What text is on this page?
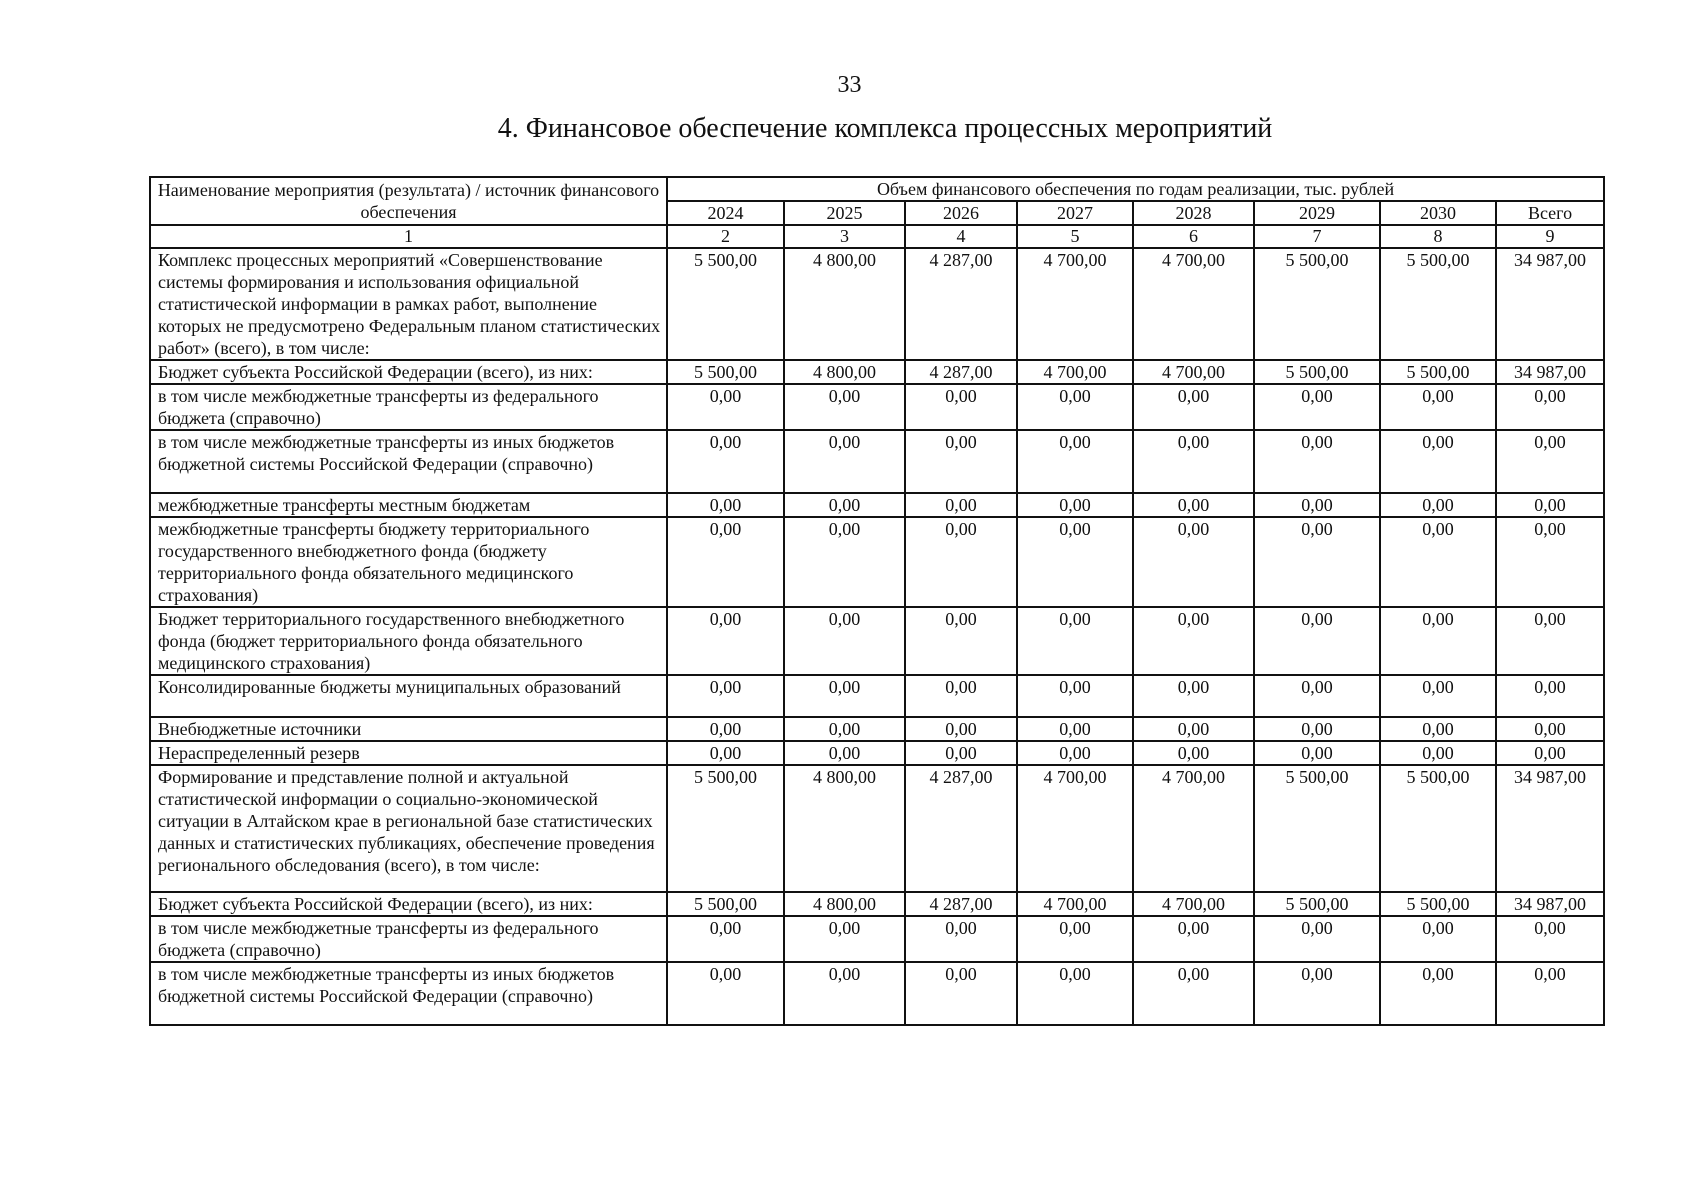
33
4. Финансовое обеспечение комплекса процессных мероприятий
Наименование мероприятия (результата) / источник финансового обеспечения	Объем финансового обеспечения по годам реализации, тыс. рублей							
	2024	2025	2026	2027	2028	2029	2030	Всего
1	2	3	4	5	6	7	8	9
Комплекс процессных мероприятий «Совершенствование системы формирования и использования официальной статистической информации в рамках работ, выполнение которых не предусмотрено Федеральным планом статистических работ» (всего), в том числе:	5 500,00	4 800,00	4 287,00	4 700,00	4 700,00	5 500,00	5 500,00	34 987,00
Бюджет субъекта Российской Федерации (всего), из них:	5 500,00	4 800,00	4 287,00	4 700,00	4 700,00	5 500,00	5 500,00	34 987,00
в том числе межбюджетные трансферты из федерального бюджета (справочно)	0,00	0,00	0,00	0,00	0,00	0,00	0,00	0,00
в том числе межбюджетные трансферты из иных бюджетов бюджетной системы Российской Федерации (справочно)	0,00	0,00	0,00	0,00	0,00	0,00	0,00	0,00
межбюджетные трансферты местным бюджетам	0,00	0,00	0,00	0,00	0,00	0,00	0,00	0,00
межбюджетные трансферты бюджету территориального государственного внебюджетного фонда (бюджету территориального фонда обязательного медицинского страхования)	0,00	0,00	0,00	0,00	0,00	0,00	0,00	0,00
Бюджет территориального государственного внебюджетного фонда (бюджет территориального фонда обязательного медицинского страхования)	0,00	0,00	0,00	0,00	0,00	0,00	0,00	0,00
Консолидированные бюджеты муниципальных образований	0,00	0,00	0,00	0,00	0,00	0,00	0,00	0,00
Внебюджетные источники	0,00	0,00	0,00	0,00	0,00	0,00	0,00	0,00
Нераспределенный резерв	0,00	0,00	0,00	0,00	0,00	0,00	0,00	0,00
Формирование и представление полной и актуальной статистической информации о социально-экономической ситуации в Алтайском крае в региональной базе статистических данных и статистических публикациях, обеспечение проведения регионального обследования (всего), в том числе:	5 500,00	4 800,00	4 287,00	4 700,00	4 700,00	5 500,00	5 500,00	34 987,00
Бюджет субъекта Российской Федерации (всего), из них:	5 500,00	4 800,00	4 287,00	4 700,00	4 700,00	5 500,00	5 500,00	34 987,00
в том числе межбюджетные трансферты из федерального бюджета (справочно)	0,00	0,00	0,00	0,00	0,00	0,00	0,00	0,00
в том числе межбюджетные трансферты из иных бюджетов бюджетной системы Российской Федерации (справочно)	0,00	0,00	0,00	0,00	0,00	0,00	0,00	0,00
